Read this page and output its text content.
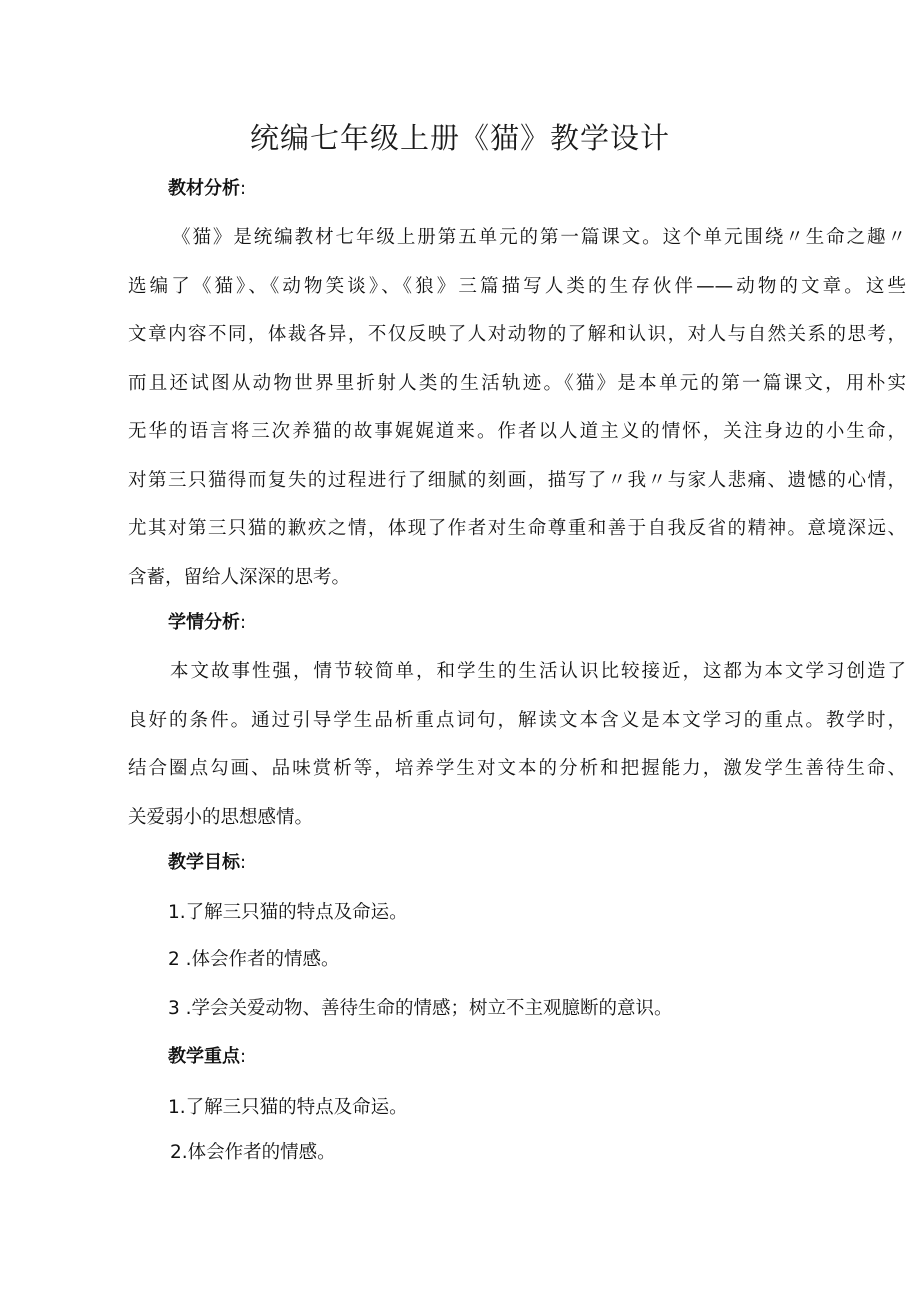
统编七年级上册《猫》教学设计
教材分析:
《猫》是统编教材七年级上册第五单元的第一篇课文。这个单元围绕〃生命之趣〃
选编了《猫》、《动物笑谈》、《狼》三篇描写人类的生存伙伴——动物的文章。这些
文章内容不同，体裁各异，不仅反映了人对动物的了解和认识，对人与自然关系的思考，
而且还试图从动物世界里折射人类的生活轨迹。《猫》是本单元的第一篇课文，用朴实
无华的语言将三次养猫的故事娓娓道来。作者以人道主义的情怀，关注身边的小生命，
对第三只猫得而复失的过程进行了细腻的刻画，描写了〃我〃与家人悲痛、遗憾的心情，
尤其对第三只猫的歉疚之情，体现了作者对生命尊重和善于自我反省的精神。意境深远、
含蓄，留给人深深的思考。
学情分析:
本文故事性强，情节较简单，和学生的生活认识比较接近，这都为本文学习创造了
良好的条件。通过引导学生品析重点词句，解读文本含义是本文学习的重点。教学时，
结合圈点勾画、品味赏析等，培养学生对文本的分析和把握能力，激发学生善待生命、
关爱弱小的思想感情。
教学目标:
1.了解三只猫的特点及命运。
2 .体会作者的情感。
3 .学会关爱动物、善待生命的情感；树立不主观臆断的意识。
教学重点:
1.了解三只猫的特点及命运。
2.体会作者的情感。
